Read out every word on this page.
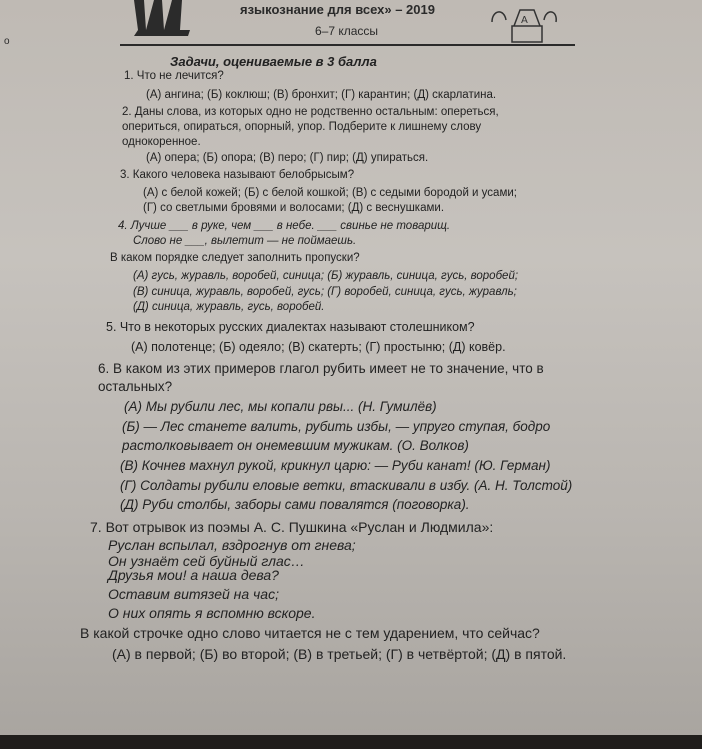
языкознание для всех» – 2019
6–7 классы
А
о
Задачи, оцениваемые в 3 балла
1. Что не лечится?
(А) ангина; (Б) коклюш; (В) бронхит; (Г) карантин; (Д) скарлатина.
2. Даны слова, из которых одно не родственно остальным: опереться,
опериться, опираться, опорный, упор. Подберите к лишнему слову
однокоренное.
(А) опера; (Б) опора; (В) перо; (Г) пир; (Д) упираться.
3. Какого человека называют белобрысым?
(А) с белой кожей; (Б) с белой кошкой; (В) с седыми бородой и усами;
(Г) со светлыми бровями и волосами; (Д) с веснушками.
4. Лучше ___ в руке, чем ___ в небе. ___ свинье не товарищ.
Слово не ___, вылетит — не поймаешь.
В каком порядке следует заполнить пропуски?
(А) гусь, журавль, воробей, синица; (Б) журавль, синица, гусь, воробей;
(В) синица, журавль, воробей, гусь; (Г) воробей, синица, гусь, журавль;
(Д) синица, журавль, гусь, воробей.
5. Что в некоторых русских диалектах называют столешником?
(А) полотенце; (Б) одеяло; (В) скатерть; (Г) простыню; (Д) ковёр.
6. В каком из этих примеров глагол рубить имеет не то значение, что в
остальных?
(А) Мы рубили лес, мы копали рвы... (Н. Гумилёв)
(Б) — Лес станете валить, рубить избы, — упруго ступая, бодро
растолковывает он онемевшим мужикам. (О. Волков)
(В) Кочнев махнул рукой, крикнул царю: — Руби канат! (Ю. Герман)
(Г) Солдаты рубили еловые ветки, втаскивали в избу. (А. Н. Толстой)
(Д) Руби столбы, заборы сами повалятся (поговорка).
7. Вот отрывок из поэмы А. С. Пушкина «Руслан и Людмила»:
Руслан вспылал, вздрогнув от гнева;
Он узнаёт сей буйный глас…
Друзья мои! а наша дева?
Оставим витязей на час;
О них опять я вспомню вскоре.
В какой строчке одно слово читается не с тем ударением, что сейчас?
(А) в первой; (Б) во второй; (В) в третьей; (Г) в четвёртой; (Д) в пятой.
